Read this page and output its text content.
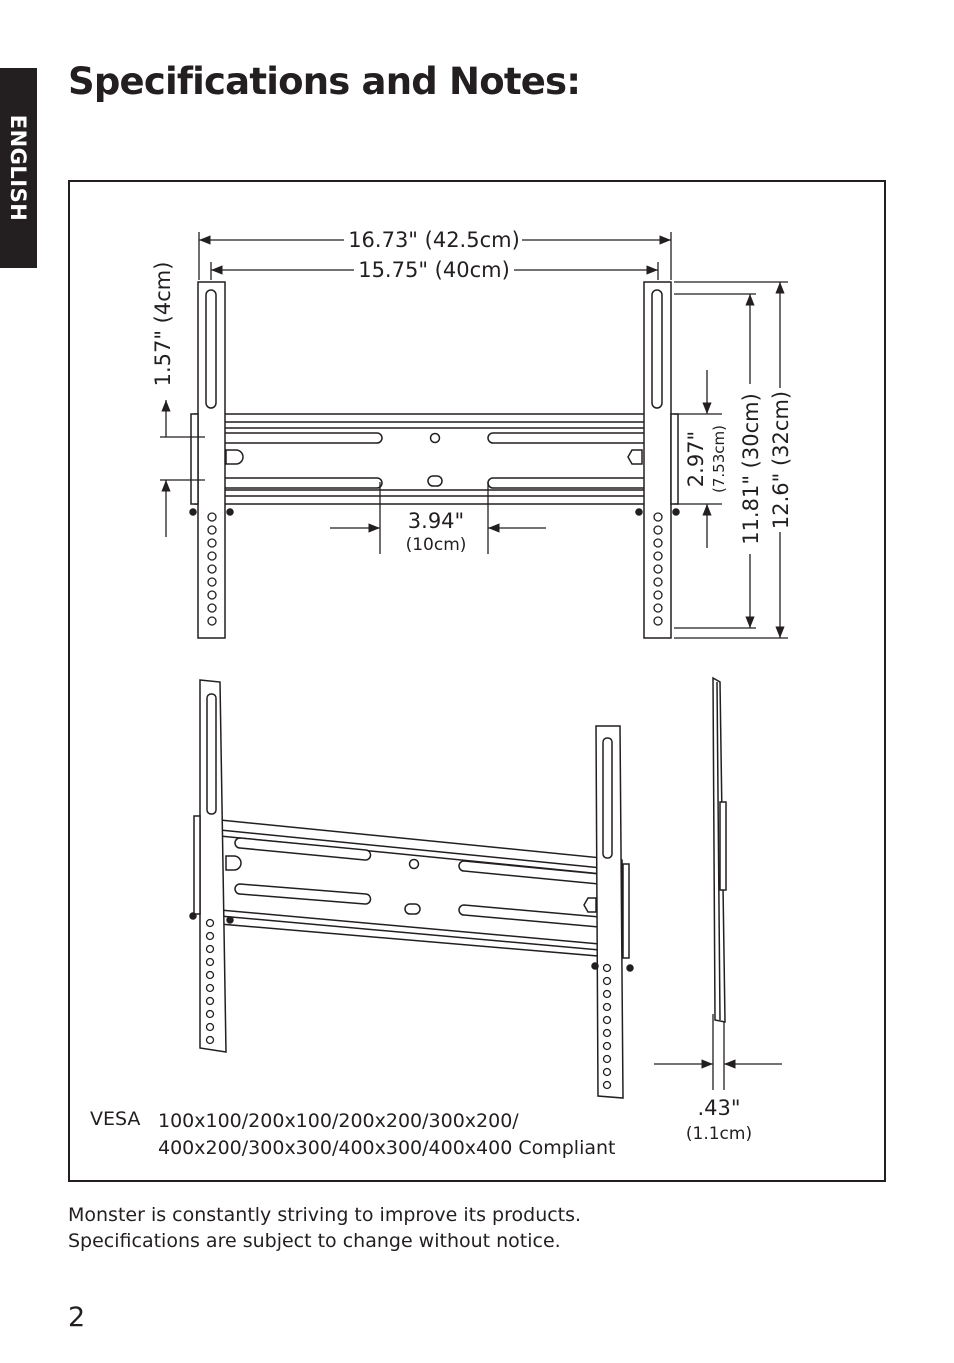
ENGLISH
Specifications and Notes:
16.73" (42.5cm)
15.75" (40cm)
1.57" (4cm)
3.94"
(10cm)
2.97" (7.53cm) 11.81" (30cm) 12.6" (32cm)
.43"
(1.1cm)
VESA 100x100/200x100/200x200/300x200/
400x200/300x300/400x300/400x400 Compliant
Monster is constantly striving to improve its products.
Specifications are subject to change without notice.
2
